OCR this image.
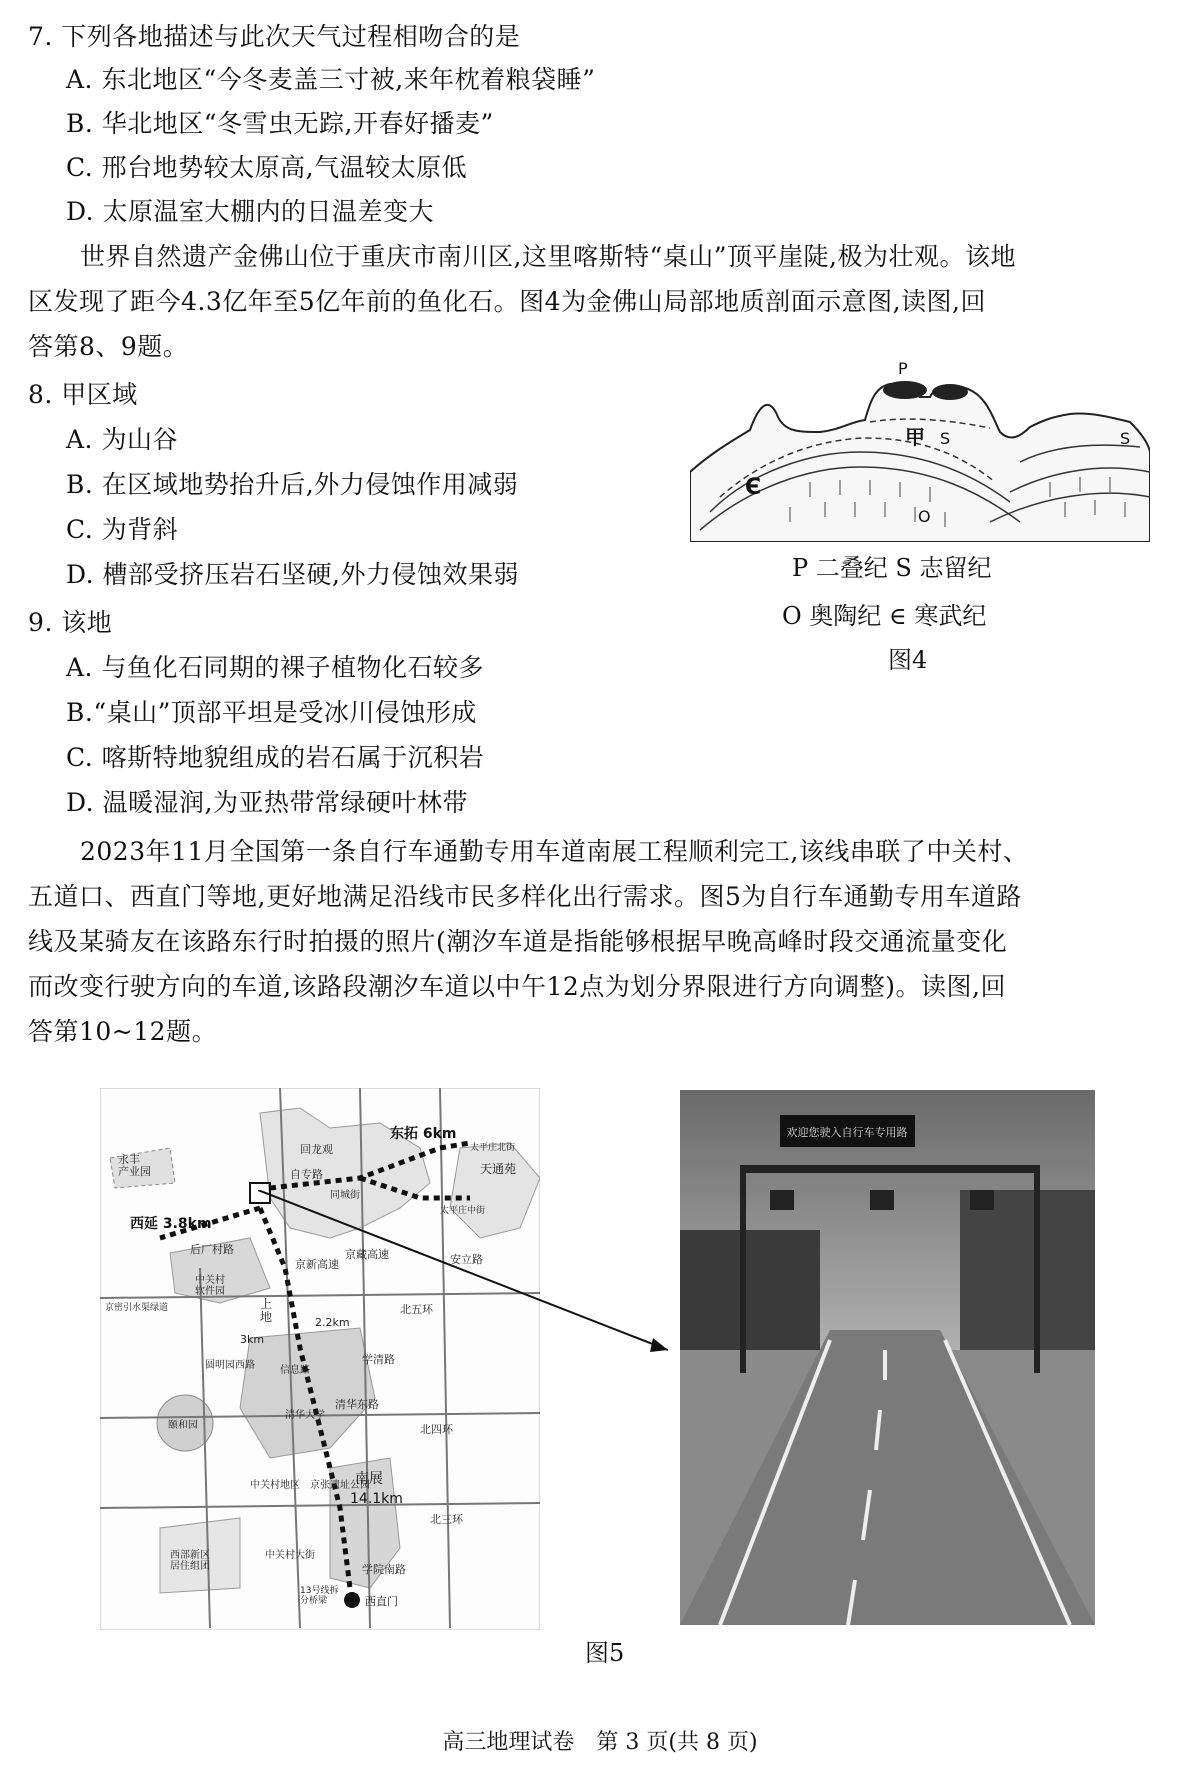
7. 下列各地描述与此次天气过程相吻合的是
A. 东北地区“今冬麦盖三寸被,来年枕着粮袋睡”
B. 华北地区“冬雪虫无踪,开春好播麦”
C. 邢台地势较太原高,气温较太原低
D. 太原温室大棚内的日温差变大
世界自然遗产金佛山位于重庆市南川区,这里喀斯特“桌山”顶平崖陡,极为壮观。该地
区发现了距今4.3亿年至5亿年前的鱼化石。图4为金佛山局部地质剖面示意图,读图,回
答第8、9题。
8. 甲区域
A. 为山谷
B. 在区域地势抬升后,外力侵蚀作用减弱
C. 为背斜
D. 槽部受挤压岩石坚硬,外力侵蚀效果弱
9. 该地
A. 与鱼化石同期的裸子植物化石较多
B.“桌山”顶部平坦是受冰川侵蚀形成
C. 喀斯特地貌组成的岩石属于沉积岩
D. 温暖湿润,为亚热带常绿硬叶林带
P
甲 S	S
O
Є
P 二叠纪 S 志留纪
O 奥陶纪 ∈ 寒武纪
图4
2023年11月全国第一条自行车通勤专用车道南展工程顺利完工,该线串联了中关村、
五道口、西直门等地,更好地满足沿线市民多样化出行需求。图5为自行车通勤专用车道路
线及某骑友在该路东行时拍摄的照片(潮汐车道是指能够根据早晚高峰时段交通流量变化
而改变行驶方向的车道,该路段潮汐车道以中午12点为划分界限进行方向调整)。读图,回
答第10~12题。
永丰产业园
西延 3.8km
东拓 6km
回龙观
自专路
同城街
天通苑
太平庄北街
太平庄中街
后厂村路
中关村软件园
京密引水渠绿道	上地
京新高速
京藏高速	安立路
2.2km
3km
北五环
圆明园西路	信息路
学清路
清华大学
清华东路
颐和园	北四环
京张遗址公园
南展
14.1km
中关村地区
北三环
中关村大街
西部新区居住组团	学院南路
13号线拆分桥梁	西直门
欢迎您驶入自行车专用路
图5
高三地理试卷　第 3 页(共 8 页)
